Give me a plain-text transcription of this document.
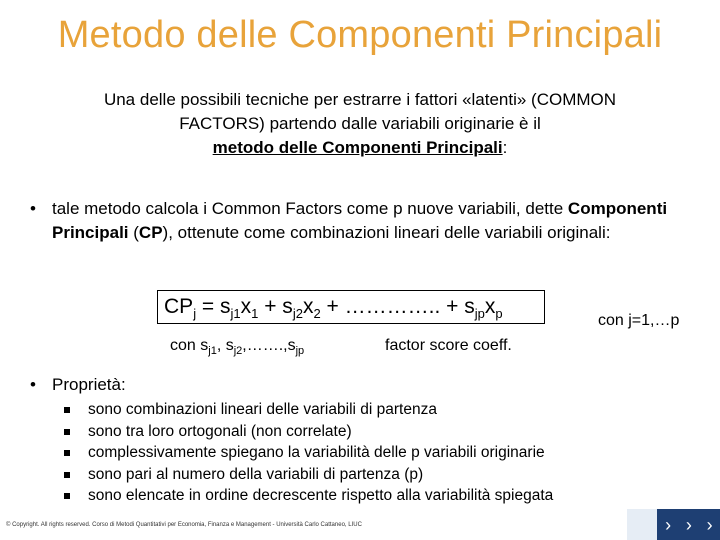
Metodo delle Componenti Principali
Una delle possibili tecniche per estrarre i fattori «latenti» (COMMON
FACTORS) partendo dalle variabili originarie è il
metodo delle Componenti Principali:
• tale metodo calcola i Common Factors come p nuove variabili, dette Componenti Principali (CP), ottenute come combinazioni lineari delle variabili originali:
$CP_j = s_{j1}x_1 + s_{j2}x_2$ + ………….. + $s_{jp}x_p$	con j=1,…p
con $s_{j1}$, $s_{j2},\dots\dots.,s_{jp}$	factor score coeff.
• Proprietà:
sono combinazioni lineari delle variabili di partenza
sono tra loro ortogonali (non correlate)
complessivamente spiegano la variabilità delle p variabili originarie
sono pari al numero della variabili di partenza (p)
sono elencate in ordine decrescente rispetto alla variabilità spiegata
© Copyright. All rights reserved. Corso di Metodi Quantitativi per Economia, Finanza e Management - Università Carlo Cattaneo, LIUC	› › ›
